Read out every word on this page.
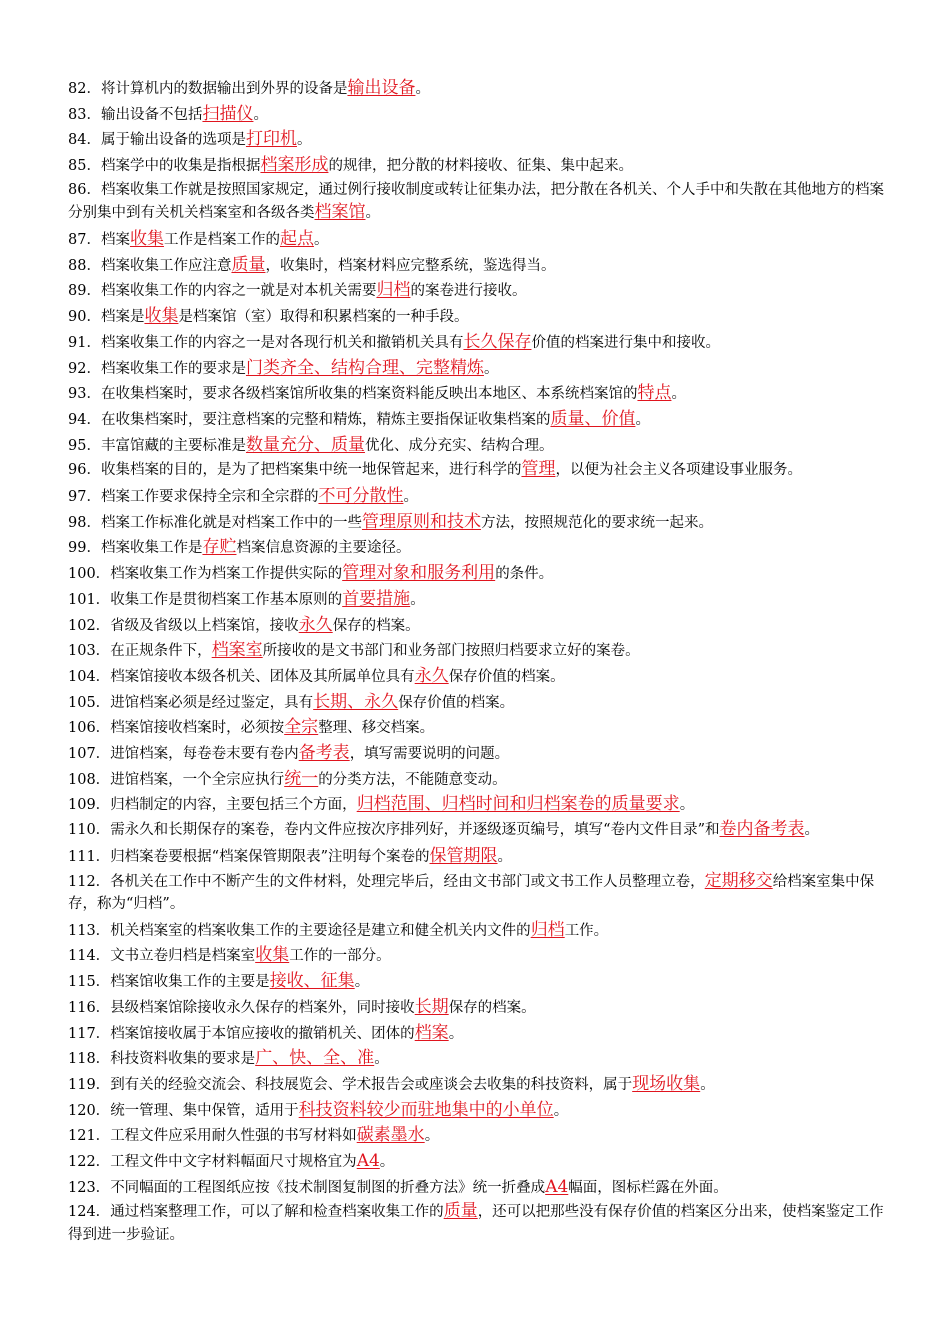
82．将计算机内的数据输出到外界的设备是输出设备。
83．输出设备不包括扫描仪。
84．属于输出设备的选项是打印机。
85．档案学中的收集是指根据档案形成的规律，把分散的材料接收、征集、集中起来。
86．档案收集工作就是按照国家规定，通过例行接收制度或转让征集办法，把分散在各机关、个人手中和失散在其他地方的档案分别集中到有关机关档案室和各级各类档案馆。
87．档案收集工作是档案工作的起点。
88．档案收集工作应注意质量，收集时，档案材料应完整系统，鉴选得当。
89．档案收集工作的内容之一就是对本机关需要归档的案卷进行接收。
90．档案是收集是档案馆（室）取得和积累档案的一种手段。
91．档案收集工作的内容之一是对各现行机关和撤销机关具有长久保存价值的档案进行集中和接收。
92．档案收集工作的要求是门类齐全、结构合理、完整精炼。
93．在收集档案时，要求各级档案馆所收集的档案资料能反映出本地区、本系统档案馆的特点。
94．在收集档案时，要注意档案的完整和精炼，精炼主要指保证收集档案的质量、价值。
95．丰富馆藏的主要标准是数量充分、质量优化、成分充实、结构合理。
96．收集档案的目的，是为了把档案集中统一地保管起来，进行科学的管理，以便为社会主义各项建设事业服务。
97．档案工作要求保持全宗和全宗群的不可分散性。
98．档案工作标准化就是对档案工作中的一些管理原则和技术方法，按照规范化的要求统一起来。
99．档案收集工作是存贮档案信息资源的主要途径。
100．档案收集工作为档案工作提供实际的管理对象和服务利用的条件。
101．收集工作是贯彻档案工作基本原则的首要措施。
102．省级及省级以上档案馆，接收永久保存的档案。
103．在正规条件下，档案室所接收的是文书部门和业务部门按照归档要求立好的案卷。
104．档案馆接收本级各机关、团体及其所属单位具有永久保存价值的档案。
105．进馆档案必须是经过鉴定，具有长期、永久保存价值的档案。
106．档案馆接收档案时，必须按全宗整理、移交档案。
107．进馆档案，每卷卷末要有卷内备考表，填写需要说明的问题。
108．进馆档案，一个全宗应执行统一的分类方法，不能随意变动。
109．归档制定的内容，主要包括三个方面，归档范围、归档时间和归档案卷的质量要求。
110．需永久和长期保存的案卷，卷内文件应按次序排列好，并逐级逐页编号，填写“卷内文件目录”和卷内备考表。
111．归档案卷要根据“档案保管期限表”注明每个案卷的保管期限。
112．各机关在工作中不断产生的文件材料，处理完毕后，经由文书部门或文书工作人员整理立卷，定期移交给档案室集中保存，称为“归档”。
113．机关档案室的档案收集工作的主要途径是建立和健全机关内文件的归档工作。
114．文书立卷归档是档案室收集工作的一部分。
115．档案馆收集工作的主要是接收、征集。
116．县级档案馆除接收永久保存的档案外，同时接收长期保存的档案。
117．档案馆接收属于本馆应接收的撤销机关、团体的档案。
118．科技资料收集的要求是广、快、全、准。
119．到有关的经验交流会、科技展览会、学术报告会或座谈会去收集的科技资料，属于现场收集。
120．统一管理、集中保管，适用于科技资料较少而驻地集中的小单位。
121．工程文件应采用耐久性强的书写材料如碳素墨水。
122．工程文件中文字材料幅面尺寸规格宜为A4。
123．不同幅面的工程图纸应按《技术制图复制图的折叠方法》统一折叠成A4幅面，图标栏露在外面。
124．通过档案整理工作，可以了解和检查档案收集工作的质量，还可以把那些没有保存价值的档案区分出来，使档案鉴定工作得到进一步验证。
